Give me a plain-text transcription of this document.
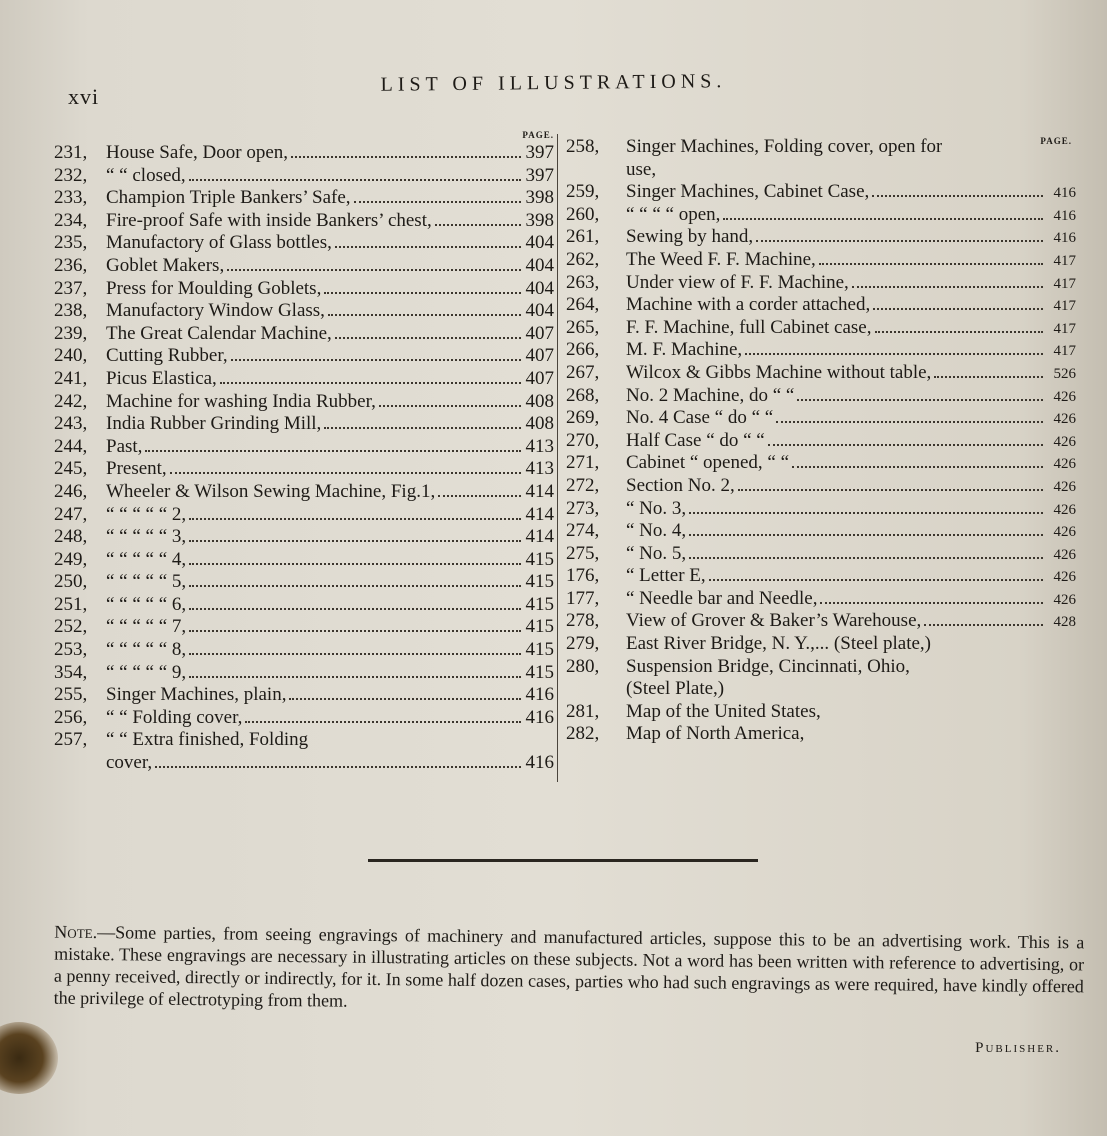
xvi
LIST OF ILLUSTRATIONS.
PAGE.
231, House Safe, Door open,	397
232, “ “ closed,	397
233, Champion Triple Bankers’ Safe,	398
234, Fire-proof Safe with inside Bankers’ chest,	398
235, Manufactory of Glass bottles,	404
236, Goblet Makers,	404
237, Press for Moulding Goblets,	404
238, Manufactory Window Glass,	404
239, The Great Calendar Machine,	407
240, Cutting Rubber,	407
241, Picus Elastica,	407
242, Machine for washing India Rubber,	408
243, India Rubber Grinding Mill,	408
244, Past,	413
245, Present,	413
246, Wheeler & Wilson Sewing Machine, Fig.1,	414
247, “ “ “ “ “ 2,	414
248, “ “ “ “ “ 3,	414
249, “ “ “ “ “ 4,	415
250, “ “ “ “ “ 5,	415
251, “ “ “ “ “ 6,	415
252, “ “ “ “ “ 7,	415
253, “ “ “ “ “ 8,	415
354, “ “ “ “ “ 9,	415
255, Singer Machines, plain,	416
256, “ “ Folding cover,	416
257, “ “ Extra finished, Folding
cover,	416
PAGE.
258,	Singer Machines, Folding cover, open for
use,
259,	Singer Machines, Cabinet Case,	416
260,	“ “ “ “ open,	416
261,	Sewing by hand,	416
262,	The Weed F. F. Machine,	417
263,	Under view of F. F. Machine,	417
264,	Machine with a corder attached,	417
265,	F. F. Machine, full Cabinet case,	417
266,	M. F. Machine,	417
267,	Wilcox & Gibbs Machine without table,	526
268,	No. 2 Machine, do “ “	426
269,	No. 4 Case “ do “ “	426
270,	Half Case “ do “ “	426
271,	Cabinet “ opened, “ “	426
272,	Section No. 2,	426
273,	“ No. 3,	426
274,	“ No. 4,	426
275,	“ No. 5,	426
176,	“ Letter E,	426
177,	“ Needle bar and Needle,	426
278,	View of Grover & Baker’s Warehouse,	428
279,	East River Bridge, N. Y.,... (Steel plate,)
280,	Suspension Bridge, Cincinnati, Ohio,
(Steel Plate,)
281,	Map of the United States,
282,	Map of North America,
Note.—Some parties, from seeing engravings of machinery and manufactured articles, suppose this to be an advertising work. This is a mistake. These engravings are necessary in illustrating articles on these subjects. Not a word has been written with reference to advertising, or a penny received, directly or indirectly, for it. In some half dozen cases, parties who had such engravings as were required, have kindly offered the privilege of electrotyping from them.
Publisher.
